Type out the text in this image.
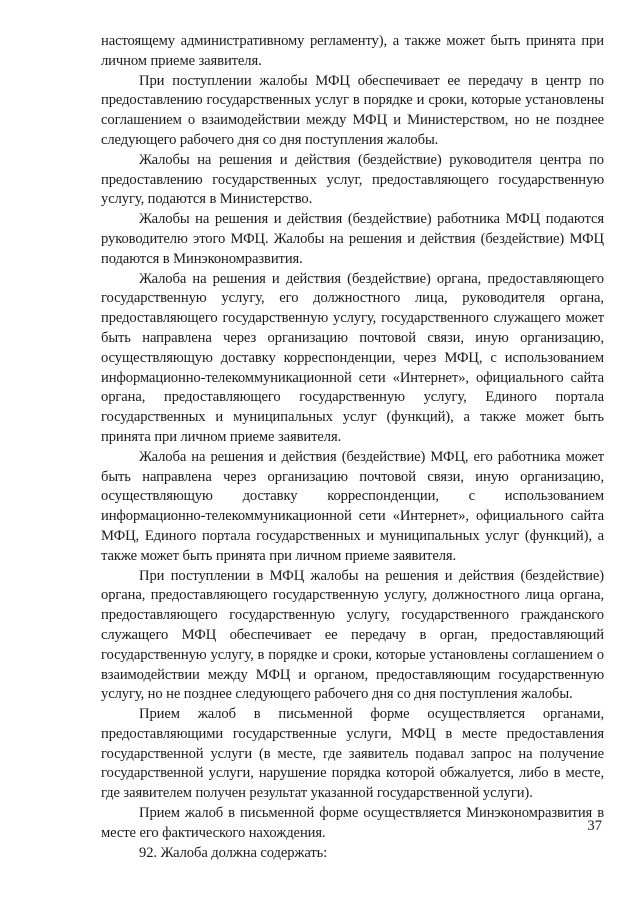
настоящему административному регламенту), а также может быть принята при личном приеме заявителя.

При поступлении жалобы МФЦ обеспечивает ее передачу в центр по предоставлению государственных услуг в порядке и сроки, которые установлены соглашением о взаимодействии между МФЦ и Министерством, но не позднее следующего рабочего дня со дня поступления жалобы.

Жалобы на решения и действия (бездействие) руководителя центра по предоставлению государственных услуг, предоставляющего государственную услугу, подаются в Министерство.

Жалобы на решения и действия (бездействие) работника МФЦ подаются руководителю этого МФЦ. Жалобы на решения и действия (бездействие) МФЦ подаются в Минэкономразвития.

Жалоба на решения и действия (бездействие) органа, предоставляющего государственную услугу, его должностного лица, руководителя органа, предоставляющего государственную услугу, государственного служащего может быть направлена через организацию почтовой связи, иную организацию, осуществляющую доставку корреспонденции, через МФЦ, с использованием информационно-телекоммуникационной сети «Интернет», официального сайта органа, предоставляющего государственную услугу, Единого портала государственных и муниципальных услуг (функций), а также может быть принята при личном приеме заявителя.

Жалоба на решения и действия (бездействие) МФЦ, его работника может быть направлена через организацию почтовой связи, иную организацию, осуществляющую доставку корреспонденции, с использованием информационно-телекоммуникационной сети «Интернет», официального сайта МФЦ, Единого портала государственных и муниципальных услуг (функций), а также может быть принята при личном приеме заявителя.

При поступлении в МФЦ жалобы на решения и действия (бездействие) органа, предоставляющего государственную услугу, должностного лица органа, предоставляющего государственную услугу, государственного гражданского служащего МФЦ обеспечивает ее передачу в орган, предоставляющий государственную услугу, в порядке и сроки, которые установлены соглашением о взаимодействии между МФЦ и органом, предоставляющим государственную услугу, но не позднее следующего рабочего дня со дня поступления жалобы.

Прием жалоб в письменной форме осуществляется органами, предоставляющими государственные услуги, МФЦ в месте предоставления государственной услуги (в месте, где заявитель подавал запрос на получение государственной услуги, нарушение порядка которой обжалуется, либо в месте, где заявителем получен результат указанной государственной услуги).

Прием жалоб в письменной форме осуществляется Минэкономразвития в месте его фактического нахождения.

92. Жалоба должна содержать:

37
